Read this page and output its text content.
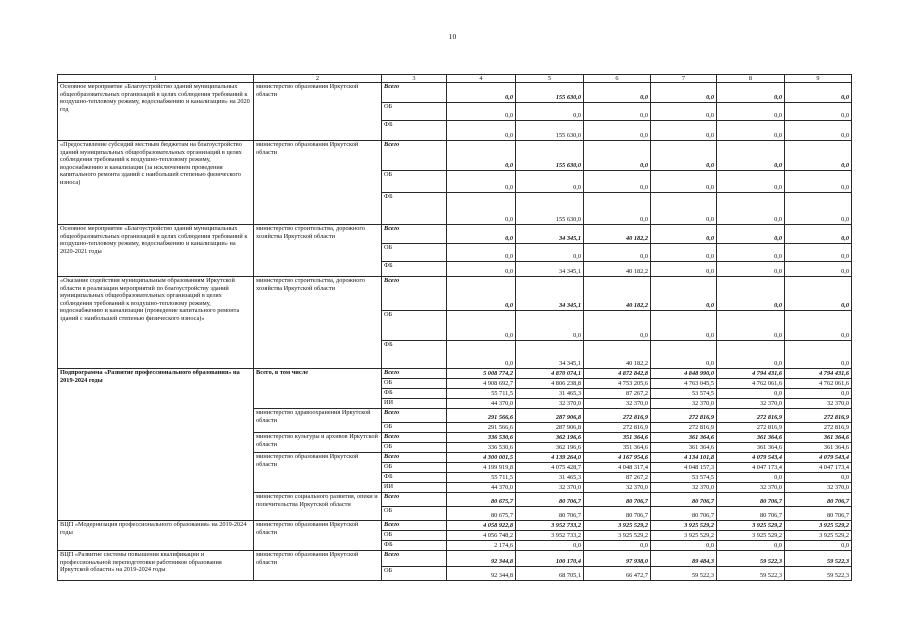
10
1	2	3	4	5	6	7	8	9
Основное мероприятие «Благоустройство зданий муниципальных общеобразовательных организаций в целях соблюдения требований к воздушно-тепловому режиму, водоснабжению и канализации» на 2020 год	министерство образования Иркутской области	Всего	0,0	155 630,0	0,0	0,0	0,0	0,0
		ОБ	0,0	0,0	0,0	0,0	0,0	0,0
		ФБ	0,0	155 630,0	0,0	0,0	0,0	0,0
«Предоставление субсидий местным бюджетам на благоустройство зданий муниципальных общеобразовательных организаций в целях соблюдения требований к воздушно-тепловому режиму, водоснабжению и канализации (за исключением проведения капитального ремонта зданий с наибольшей степенью физического износа)	министерство образования Иркутской области	Всего	0,0	155 630,0	0,0	0,0	0,0	0,0
		ОБ	0,0	0,0	0,0	0,0	0,0	0,0
		ФБ	0,0	155 630,0	0,0	0,0	0,0	0,0
Основное мероприятие «Благоустройство зданий муниципальных общеобразовательных организаций в целях соблюдения требований к воздушно-тепловому режиму, водоснабжению и канализации» на 2020-2021 годы	министерство строительства, дорожного хозяйства Иркутской области	Всего	0,0	34 345,1	40 182,2	0,0	0,0	0,0
		ОБ	0,0	0,0	0,0	0,0	0,0	0,0
		ФБ	0,0	34 345,1	40 182,2	0,0	0,0	0,0
«Оказание содействия муниципальным образованиям Иркутской области в реализации мероприятий по благоустройству зданий муниципальных общеобразовательных организаций в целях соблюдения требований к воздушно-тепловому режиму, водоснабжению и канализации (проведение капитального ремонта зданий с наибольшей степенью физического износа)»	министерство строительства, дорожного хозяйства Иркутской области	Всего	0,0	34 345,1	40 182,2	0,0	0,0	0,0
		ОБ	0,0	0,0	0,0	0,0	0,0	0,0
		ФБ	0,0	34 345,1	40 182,2	0,0	0,0	0,0
Подпрограмма «Развитие профессионального образования» на 2019-2024 годы	Всего, в том числе	Всего	5 008 774,2	4 870 074,1	4 872 842,8	4 848 990,0	4 794 431,6	4 794 431,6
		ОБ	4 908 692,7	4 806 238,8	4 753 205,6	4 763 045,5	4 762 061,6	4 762 061,6
		ФБ	55 711,5	31 465,3	87 267,2	53 574,5	0,0	0,0
		ИИ	44 370,0	32 370,0	32 370,0	32 370,0	32 370,0	32 370,0
	министерство здравоохранения Иркутской области	Всего	291 566,6	287 906,8	272 816,9	272 816,9	272 816,9	272 816,9
		ОБ	291 566,6	287 906,8	272 816,9	272 816,9	272 816,9	272 816,9
	министерство культуры и архивов Иркутской области	Всего	336 530,6	362 196,6	351 364,6	361 364,6	361 364,6	361 364,6
		ОБ	336 530,6	362 196,6	351 364,6	361 364,6	361 364,6	361 364,6
	министерство образования Иркутской области	Всего	4 300 001,5	4 139 264,0	4 167 954,6	4 134 101,8	4 079 543,4	4 079 543,4
		ОБ	4 199 919,8	4 075 428,7	4 048 317,4	4 048 157,3	4 047 173,4	4 047 173,4
		ФБ	55 711,5	31 465,3	87 267,2	53 574,5	0,0	0,0
		ИИ	44 370,0	32 370,0	32 370,0	32 370,0	32 370,0	32 370,0
	министерство социального развития, опеки и попечительства Иркутской области	Всего	80 675,7	80 706,7	80 706,7	80 706,7	80 706,7	80 706,7
		ОБ	80 675,7	80 706,7	80 706,7	80 706,7	80 706,7	80 706,7
ВЦП «Модернизация профессионального образования» на 2019-2024 годы	министерство образования Иркутской области	Всего	4 058 922,8	3 952 733,2	3 925 529,2	3 925 529,2	3 925 529,2	3 925 529,2
		ОБ	4 056 748,2	3 952 733,2	3 925 529,2	3 925 529,2	3 925 529,2	3 925 529,2
		ФБ	2 174,6	0,0	0,0	0,0	0,0	0,0
ВЦП «Развитие системы повышения квалификации и профессиональной переподготовки работников образования Иркутской области» на 2019-2024 годы	министерство образования Иркутской области	Всего	92 344,8	100 170,4	97 938,0	89 484,3	59 522,3	59 522,3
		ОБ	92 344,8	68 705,1	66 472,7	59 522,3	59 522,3	59 522,3
